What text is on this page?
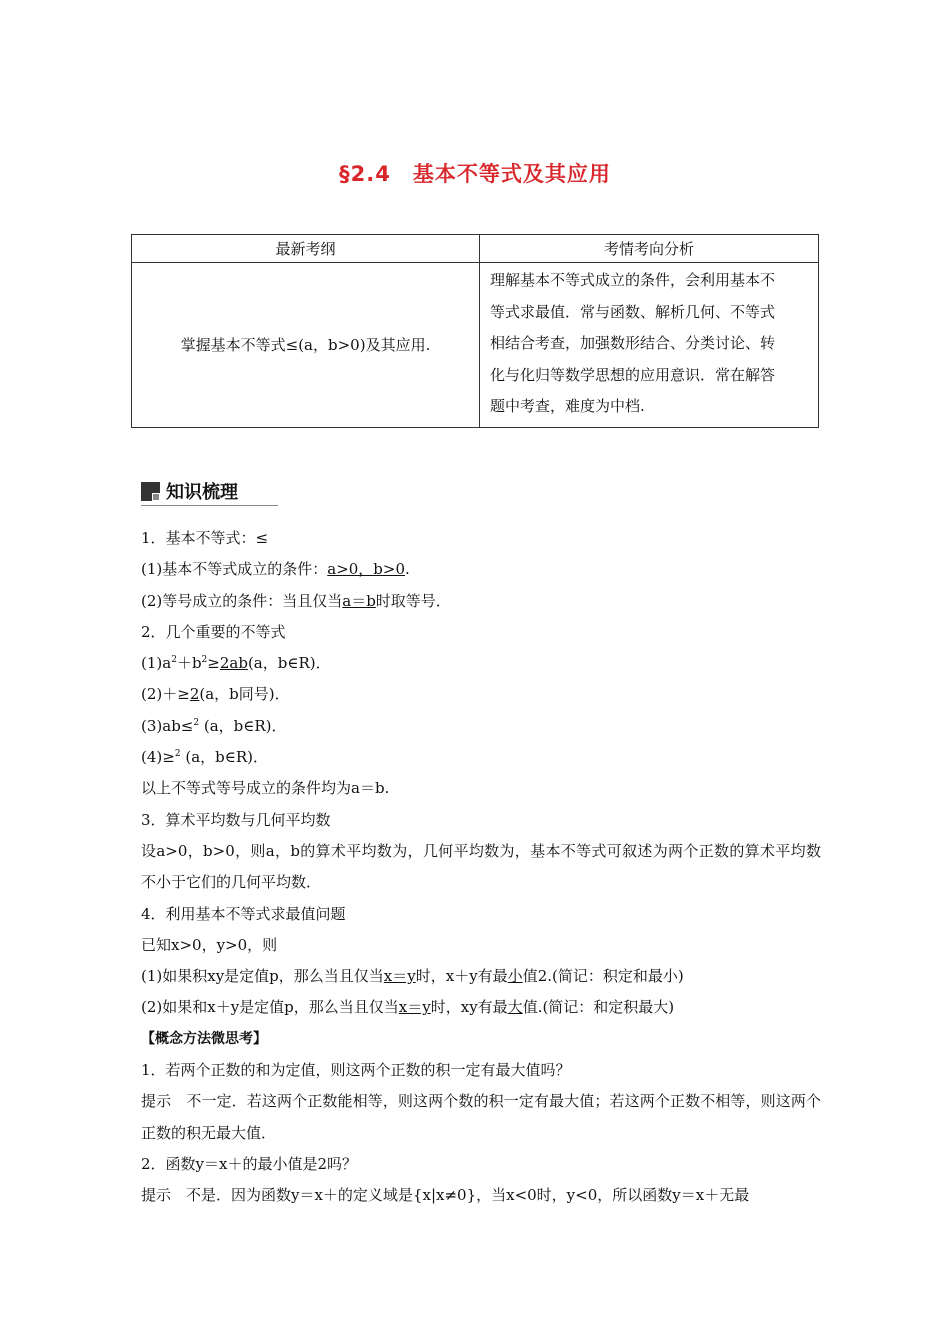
§2.4　基本不等式及其应用
最新考纲	考情考向分析
掌握基本不等式≤(a，b>0)及其应用.	理解基本不等式成立的条件，会利用基本不
等式求最值．常与函数、解析几何、不等式
相结合考查，加强数形结合、分类讨论、转
化与化归等数学思想的应用意识．常在解答
题中考查，难度为中档.
知识梳理

1．基本不等式：≤

(1)基本不等式成立的条件：a>0，b>0.

(2)等号成立的条件：当且仅当a＝b时取等号．

2．几个重要的不等式

$(1)a^2+b^2\ge 2ab(a$，b∈R)．

(2)＋≥2(a，b同号)．

(3)ab≤$^2$ (a，b∈R)．

(4)≥$^2$ (a，b∈R)．

以上不等式等号成立的条件均为a＝b.

3．算术平均数与几何平均数

设a>0，b>0，则a，b的算术平均数为，几何平均数为，基本不等式可叙述为两个正数的算术平均数不小于它们的几何平均数．

4．利用基本不等式求最值问题

已知x>0，y>0，则

(1)如果积xy是定值p，那么当且仅当x＝y时，x＋y有最小值2.(简记：积定和最小)

(2)如果和x＋y是定值p，那么当且仅当x＝y时，xy有最大值.(简记：和定积最大)

【概念方法微思考】

1．若两个正数的和为定值，则这两个正数的积一定有最大值吗？

提示　不一定．若这两个正数能相等，则这两个数的积一定有最大值；若这两个正数不相等，则这两个正数的积无最大值．

2．函数y＝x＋的最小值是2吗？

提示　不是．因为函数y＝x＋的定义域是{x|x≠0}，当x<0时，y<0，所以函数y＝x＋无最
